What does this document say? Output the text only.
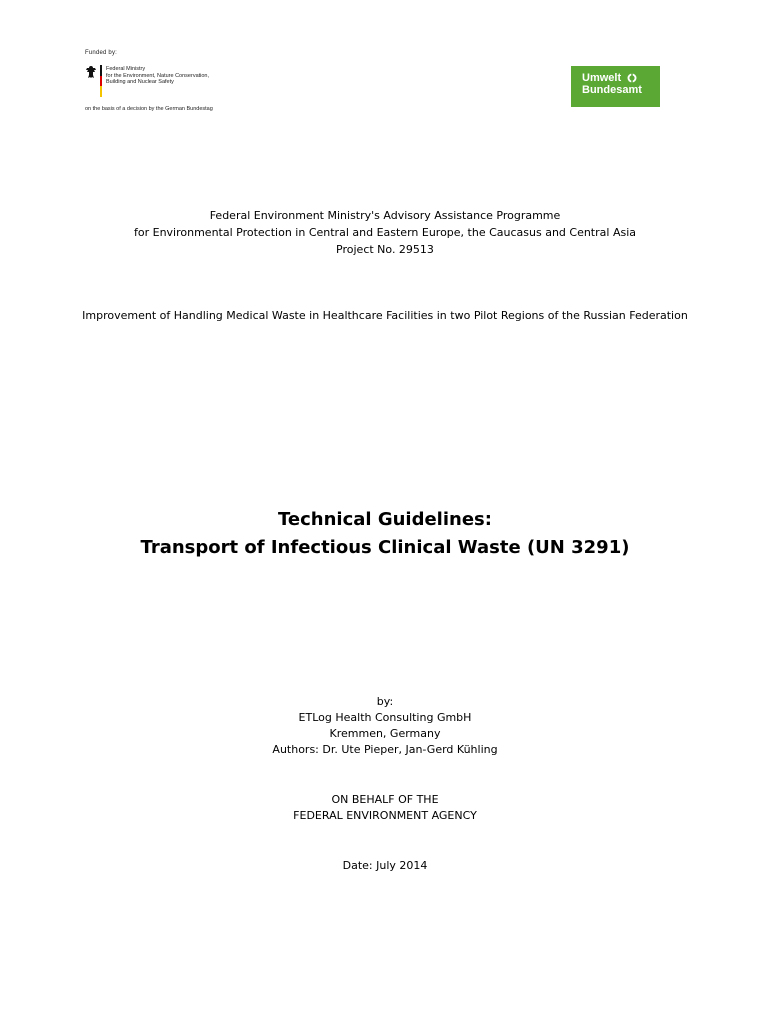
Funded by:
Federal Ministry
for the Environment, Nature Conservation,
Building and Nuclear Safety
on the basis of a decision by the German Bundestag
Umwelt
Bundesamt
Federal Environment Ministry's Advisory Assistance Programme
for Environmental Protection in Central and Eastern Europe, the Caucasus and Central Asia
Project No. 29513
Improvement of Handling Medical Waste in Healthcare Facilities in two Pilot Regions of the Russian Federation
Technical Guidelines:
Transport of Infectious Clinical Waste (UN 3291)
by:
ETLog Health Consulting GmbH
Kremmen, Germany
Authors: Dr. Ute Pieper, Jan-Gerd Kühling
ON BEHALF OF THE
FEDERAL ENVIRONMENT AGENCY
Date: July 2014
